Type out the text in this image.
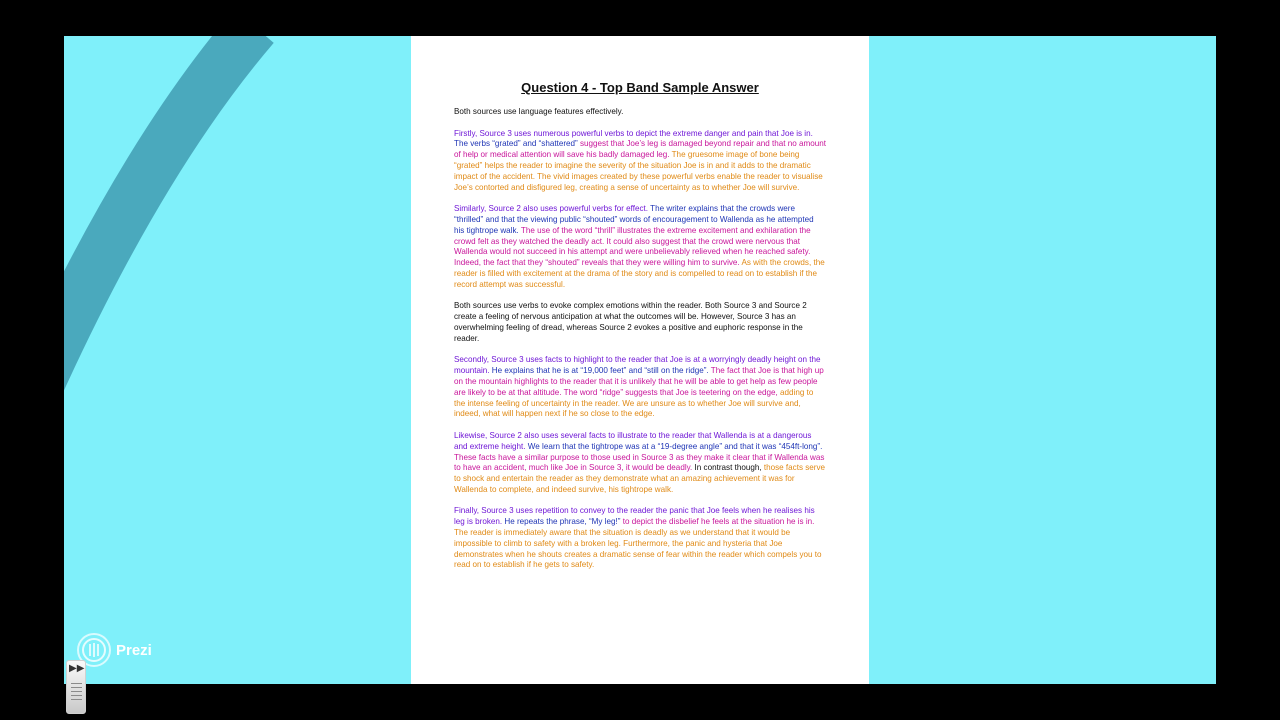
Question 4 - Top Band Sample Answer

Both sources use language features effectively.

Firstly, Source 3 uses numerous powerful verbs to depict the extreme danger and pain that Joe is in. The verbs “grated” and “shattered” suggest that Joe’s leg is damaged beyond repair and that no amount of help or medical attention will save his badly damaged leg. The gruesome image of bone being “grated” helps the reader to imagine the severity of the situation Joe is in and it adds to the dramatic impact of the accident. The vivid images created by these powerful verbs enable the reader to visualise Joe’s contorted and disfigured leg, creating a sense of uncertainty as to whether Joe will survive.

Similarly, Source 2 also uses powerful verbs for effect. The writer explains that the crowds were “thrilled” and that the viewing public “shouted” words of encouragement to Wallenda as he attempted his tightrope walk. The use of the word “thrill” illustrates the extreme excitement and exhilaration the crowd felt as they watched the deadly act. It could also suggest that the crowd were nervous that Wallenda would not succeed in his attempt and were unbelievably relieved when he reached safety. Indeed, the fact that they “shouted” reveals that they were willing him to survive. As with the crowds, the reader is filled with excitement at the drama of the story and is compelled to read on to establish if the record attempt was successful.

Both sources use verbs to evoke complex emotions within the reader. Both Source 3 and Source 2 create a feeling of nervous anticipation at what the outcomes will be. However, Source 3 has an overwhelming feeling of dread, whereas Source 2 evokes a positive and euphoric response in the reader.

Secondly, Source 3 uses facts to highlight to the reader that Joe is at a worryingly deadly height on the mountain. He explains that he is at “19,000 feet” and “still on the ridge”. The fact that Joe is that high up on the mountain highlights to the reader that it is unlikely that he will be able to get help as few people are likely to be at that altitude. The word “ridge” suggests that Joe is teetering on the edge, adding to the intense feeling of uncertainty in the reader. We are unsure as to whether Joe will survive and, indeed, what will happen next if he so close to the edge.

Likewise, Source 2 also uses several facts to illustrate to the reader that Wallenda is at a dangerous and extreme height. We learn that the tightrope was at a “19-degree angle” and that it was “454ft-long”. These facts have a similar purpose to those used in Source 3 as they make it clear that if Wallenda was to have an accident, much like Joe in Source 3, it would be deadly. In contrast though, those facts serve to shock and entertain the reader as they demonstrate what an amazing achievement it was for Wallenda to complete, and indeed survive, his tightrope walk.

Finally, Source 3 uses repetition to convey to the reader the panic that Joe feels when he realises his leg is broken. He repeats the phrase, “My leg!” to depict the disbelief he feels at the situation he is in. The reader is immediately aware that the situation is deadly as we understand that it would be impossible to climb to safety with a broken leg. Furthermore, the panic and hysteria that Joe demonstrates when he shouts creates a dramatic sense of fear within the reader which compels you to read on to establish if he gets to safety.

Prezi
▶▶
